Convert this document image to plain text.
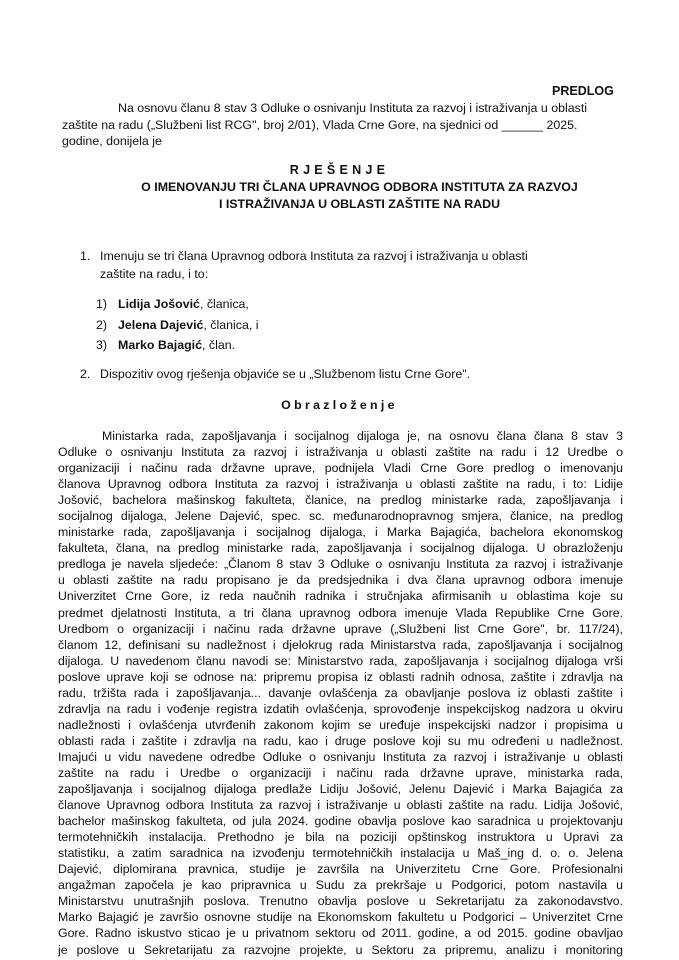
PREDLOG
Na osnovu članu 8 stav 3 Odluke o osnivanju Instituta za razvoj i istraživanja u oblasti
zaštite na radu („Službeni list RCG", broj 2/01), Vlada Crne Gore, na sjednici od ______ 2025.
godine, donijela je
RJEŠENJE
O IMENOVANJU TRI ČLANA UPRAVNOG ODBORA INSTITUTA ZA RAZVOJ
I ISTRAŽIVANJA U OBLASTI ZAŠTITE NA RADU
1. Imenuju se tri člana Upravnog odbora Instituta za razvoj i istraživanja u oblasti
zaštite na radu, i to:
1) Lidija Jošović, članica,
2) Jelena Dajević, članica, i
3) Marko Bajagić, član.
2. Dispozitiv ovog rješenja objaviće se u „Službenom listu Crne Gore".
Obrazloženje
Ministarka rada, zapošljavanja i socijalnog dijaloga je, na osnovu člana člana 8 stav 3
Odluke o osnivanju Instituta za razvoj i istraživanja u oblasti zaštite na radu i 12 Uredbe o
organizaciji i načinu rada državne uprave, podnijela Vladi Crne Gore predlog o imenovanju
članova Upravnog odbora Instituta za razvoj i istraživanja u oblasti zaštite na radu, i to: Lidije
Jošović, bachelora mašinskog fakulteta, članice, na predlog ministarke rada, zapošljavanja i
socijalnog dijaloga, Jelene Dajević, spec. sc. međunarodnopravnog smjera, članice, na predlog
ministarke rada, zapošljavanja i socijalnog dijaloga, i Marka Bajagića, bachelora ekonomskog
fakulteta, člana, na predlog ministarke rada, zapošljavanja i socijalnog dijaloga. U obrazloženju
predloga je navela sljedeće: „Članom 8 stav 3 Odluke o osnivanju Instituta za razvoj i istraživanje
u oblasti zaštite na radu propisano je da predsjednika i dva člana upravnog odbora imenuje
Univerzitet Crne Gore, iz reda naučnih radnika i stručnjaka afirmisanih u oblastima koje su
predmet djelatnosti Instituta, a tri člana upravnog odbora imenuje Vlada Republike Crne Gore.
Uredbom o organizaciji i načinu rada državne uprave („Službeni list Crne Gore", br. 117/24),
članom 12, definisani su nadležnost i djelokrug rada Ministarstva rada, zapošljavanja i socijalnog
dijaloga. U navedenom članu navodi se: Ministarstvo rada, zapošljavanja i socijalnog dijaloga vrši
poslove uprave koji se odnose na: pripremu propisa iz oblasti radnih odnosa, zaštite i zdravlja na
radu, tržišta rada i zapošljavanja... davanje ovlašćenja za obavljanje poslova iz oblasti zaštite i
zdravlja na radu i vođenje registra izdatih ovlašćenja, sprovođenje inspekcijskog nadzora u okviru
nadležnosti i ovlašćenja utvrđenih zakonom kojim se uređuje inspekcijski nadzor i propisima u
oblasti rada i zaštite i zdravlja na radu, kao i druge poslove koji su mu određeni u nadležnost.
Imajući u vidu navedene odredbe Odluke o osnivanju Instituta za razvoj i istraživanje u oblasti
zaštite na radu i Uredbe o organizaciji i načinu rada državne uprave, ministarka rada,
zapošljavanja i socijalnog dijaloga predlaže Lidiju Jošović, Jelenu Dajević i Marka Bajagića za
članove Upravnog odbora Instituta za razvoj i istraživanje u oblasti zaštite na radu. Lidija Jošović,
bachelor mašinskog fakulteta, od jula 2024. godine obavlja poslove kao saradnica u projektovanju
termotehničkih instalacija. Prethodno je bila na poziciji opštinskog instruktora u Upravi za
statistiku, a zatim saradnica na izvođenju termotehničkih instalacija u Maš_ing d. o. o. Jelena
Dajević, diplomirana pravnica, studije je završila na Univerzitetu Crne Gore. Profesionalni
angažman započela je kao pripravnica u Sudu za prekršaje u Podgorici, potom nastavila u
Ministarstvu unutrašnjih poslova. Trenutno obavlja poslove u Sekretarijatu za zakonodavstvo.
Marko Bajagić je završio osnovne studije na Ekonomskom fakultetu u Podgorici – Univerzitet Crne
Gore. Radno iskustvo sticao je u privatnom sektoru od 2011. godine, a od 2015. godine obavljao
je poslove u Sekretarijatu za razvojne projekte, u Sektoru za pripremu, analizu i monitoring
